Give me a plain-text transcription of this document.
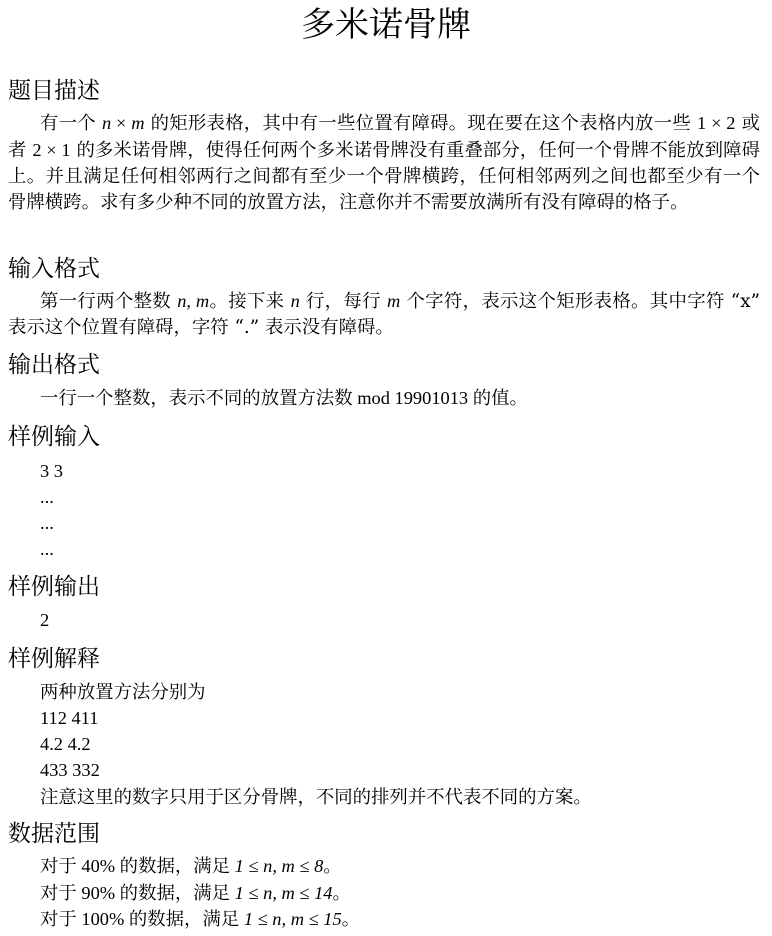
多米诺骨牌
题目描述
有一个 n × m 的矩形表格，其中有一些位置有障碍。现在要在这个表格内放一些 1 × 2 或者 2 × 1 的多米诺骨牌，使得任何两个多米诺骨牌没有重叠部分，任何一个骨牌不能放到障碍上。并且满足任何相邻两行之间都有至少一个骨牌横跨，任何相邻两列之间也都至少有一个骨牌横跨。求有多少种不同的放置方法，注意你并不需要放满所有没有障碍的格子。
输入格式
第一行两个整数 n, m。接下来 n 行，每行 m 个字符，表示这个矩形表格。其中字符 “x” 表示这个位置有障碍，字符 “.” 表示没有障碍。
输出格式
一行一个整数，表示不同的放置方法数 mod 19901013 的值。
样例输入
3 3
...
...
...
样例输出
2
样例解释
两种放置方法分别为
112 411
4.2 4.2
433 332
注意这里的数字只用于区分骨牌，不同的排列并不代表不同的方案。
数据范围
对于 40% 的数据，满足 1 ≤ n, m ≤ 8。
对于 90% 的数据，满足 1 ≤ n, m ≤ 14。
对于 100% 的数据，满足 1 ≤ n, m ≤ 15。
